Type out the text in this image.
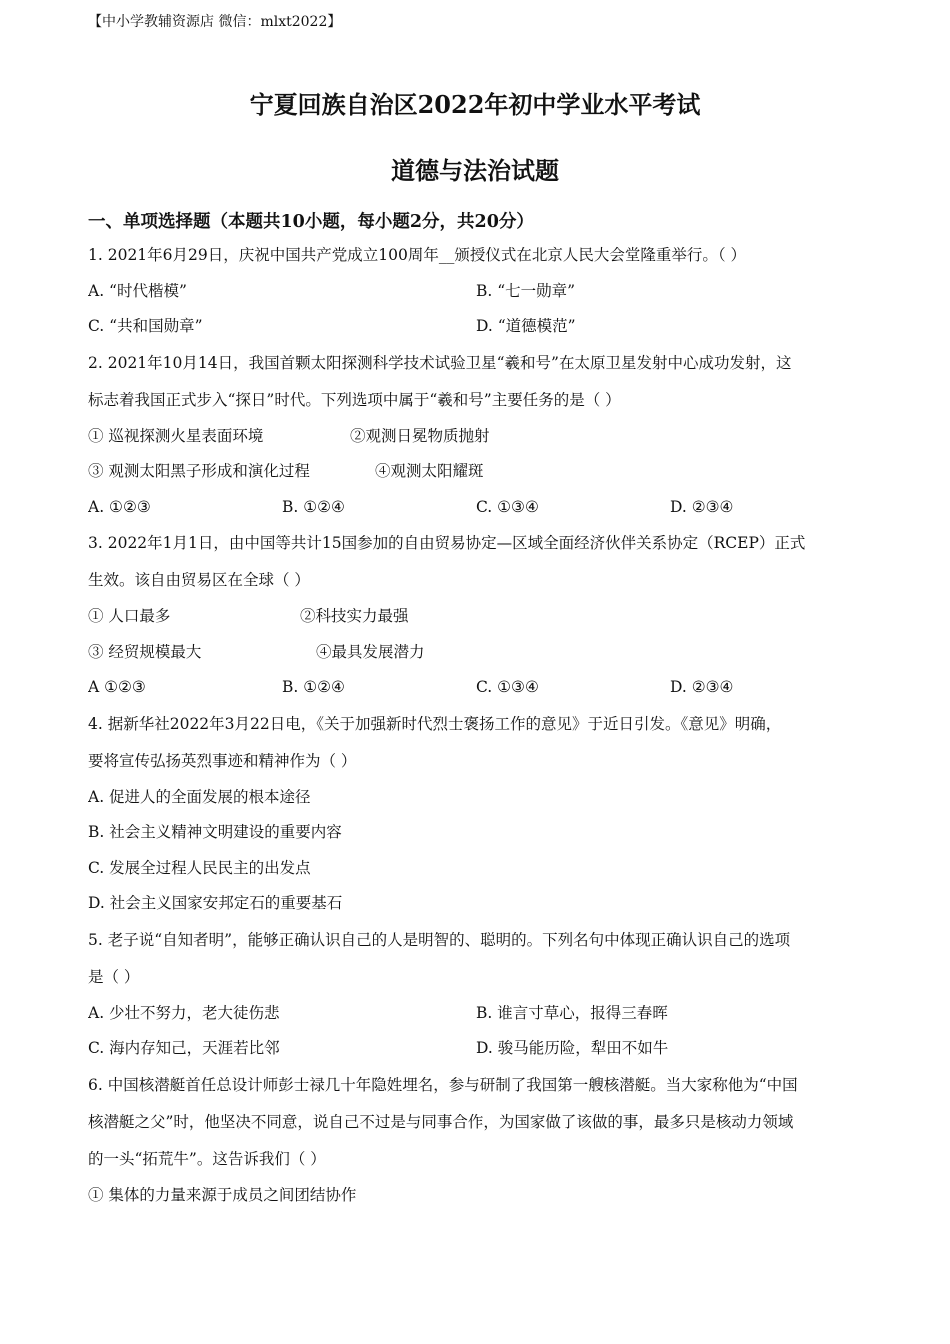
【中小学教辅资源店 微信：mlxt2022】
宁夏回族自治区2022年初中学业水平考试
道德与法治试题
一、单项选择题（本题共10小题，每小题2分，共20分）
1. 2021年6月29日，庆祝中国共产党成立100周年__颁授仪式在北京人民大会堂隆重举行。（ ）
A. “时代楷模”	B. “七一勋章”
C. “共和国勋章”	D. “道德模范”
2. 2021年10月14日，我国首颗太阳探测科学技术试验卫星“羲和号”在太原卫星发射中心成功发射，这
标志着我国正式步入“探日”时代。下列选项中属于“羲和号”主要任务的是（ ）
① 巡视探测火星表面环境	②观测日冕物质抛射
③ 观测太阳黑子形成和演化过程	④观测太阳耀斑
A. ①②③	B. ①②④	C. ①③④	D. ②③④
3. 2022年1月1日，由中国等共计15国参加的自由贸易协定—区域全面经济伙伴关系协定（RCEP）正式
生效。该自由贸易区在全球（ ）
① 人口最多	②科技实力最强
③ 经贸规模最大	④最具发展潜力
A ①②③	B. ①②④	C. ①③④	D. ②③④
4. 据新华社2022年3月22日电，《关于加强新时代烈士褒扬工作的意见》于近日引发。《意见》明确，
要将宣传弘扬英烈事迹和精神作为（ ）
A. 促进人的全面发展的根本途径
B. 社会主义精神文明建设的重要内容
C. 发展全过程人民民主的出发点
D. 社会主义国家安邦定石的重要基石
5. 老子说“自知者明”，能够正确认识自己的人是明智的、聪明的。下列名句中体现正确认识自己的选项
是（ ）
A. 少壮不努力，老大徒伤悲	B. 谁言寸草心，报得三春晖
C. 海内存知己，天涯若比邻	D. 骏马能历险，犁田不如牛
6. 中国核潜艇首任总设计师彭士禄几十年隐姓埋名，参与研制了我国第一艘核潜艇。当大家称他为“中国
核潜艇之父”时，他坚决不同意，说自己不过是与同事合作，为国家做了该做的事，最多只是核动力领域
的一头“拓荒牛”。这告诉我们（ ）
① 集体的力量来源于成员之间团结协作
